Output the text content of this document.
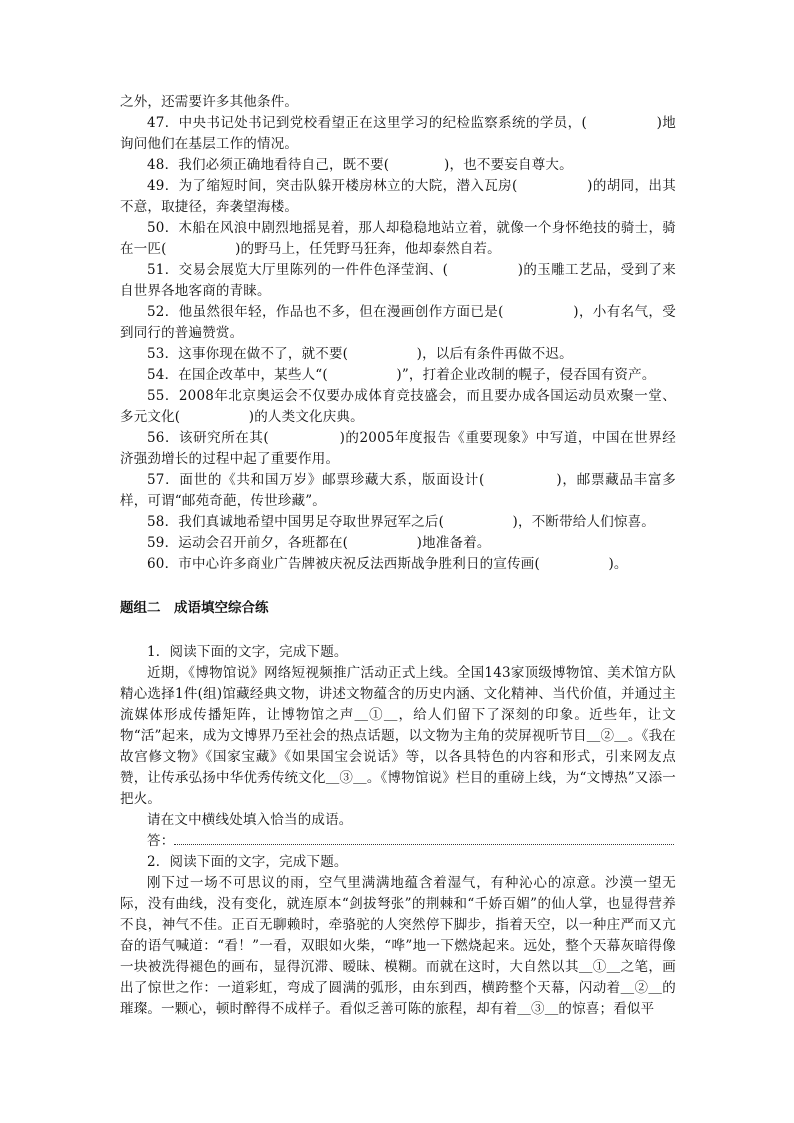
之外，还需要许多其他条件。

47．中央书记处书记到党校看望正在这里学习的纪检监察系统的学员，(　　　　　)地询问他们在基层工作的情况。

48．我们必须正确地看待自己，既不要(　　　　)，也不要妄自尊大。

49．为了缩短时间，突击队躲开楼房林立的大院，潜入瓦房(　　　　　)的胡同，出其不意，取捷径，奔袭望海楼。

50．木船在风浪中剧烈地摇晃着，那人却稳稳地站立着，就像一个身怀绝技的骑士，骑在一匹(　　　　　)的野马上，任凭野马狂奔，他却泰然自若。

51．交易会展览大厅里陈列的一件件色泽莹润、(　　　　　)的玉雕工艺品，受到了来自世界各地客商的青睐。

52．他虽然很年轻，作品也不多，但在漫画创作方面已是(　　　　　)，小有名气，受到同行的普遍赞赏。

53．这事你现在做不了，就不要(　　　　　)，以后有条件再做不迟。

54．在国企改革中，某些人“(　　　　　)”，打着企业改制的幌子，侵吞国有资产。

55．2008年北京奥运会不仅要办成体育竞技盛会，而且要办成各国运动员欢聚一堂、多元文化(　　　　　)的人类文化庆典。

56．该研究所在其(　　　　　)的2005年度报告《重要现象》中写道，中国在世界经济强劲增长的过程中起了重要作用。

57．面世的《共和国万岁》邮票珍藏大系，版面设计(　　　　　)，邮票藏品丰富多样，可谓“邮苑奇葩，传世珍藏”。

58．我们真诚地希望中国男足夺取世界冠军之后(　　　　　)，不断带给人们惊喜。

59．运动会召开前夕，各班都在(　　　　　)地准备着。

60．市中心许多商业广告牌被庆祝反法西斯战争胜利日的宣传画(　　　　　)。

题组二　成语填空综合练

1．阅读下面的文字，完成下题。

近期，《博物馆说》网络短视频推广活动正式上线。全国143家顶级博物馆、美术馆方队精心选择1件(组)馆藏经典文物，讲述文物蕴含的历史内涵、文化精神、当代价值，并通过主流媒体形成传播矩阵，让博物馆之声＿①＿，给人们留下了深刻的印象。近些年，让文物“活”起来，成为文博界乃至社会的热点话题，以文物为主角的荧屏视听节目＿②＿。《我在故宫修文物》《国家宝藏》《如果国宝会说话》等，以各具特色的内容和形式，引来网友点赞，让传承弘扬中华优秀传统文化＿③＿。《博物馆说》栏目的重磅上线，为“文博热”又添一把火。

请在文中横线处填入恰当的成语。

答：

2．阅读下面的文字，完成下题。

刚下过一场不可思议的雨，空气里满满地蕴含着湿气，有种沁心的凉意。沙漠一望无际，没有曲线，没有变化，就连原本“剑拔弩张”的荆棘和“千娇百媚”的仙人掌，也显得营养不良，神气不佳。正百无聊赖时，牵骆驼的人突然停下脚步，指着天空，以一种庄严而又亢奋的语气喊道：“看！”一看，双眼如火柴，“哗”地一下燃烧起来。远处，整个天幕灰暗得像一块被洗得褪色的画布，显得沉滞、暧昧、模糊。而就在这时，大自然以其＿①＿之笔，画出了惊世之作：一道彩虹，弯成了圆满的弧形，由东到西，横跨整个天幕，闪动着＿②＿的璀璨。一颗心，顿时醉得不成样子。看似乏善可陈的旅程，却有着＿③＿的惊喜；看似平
